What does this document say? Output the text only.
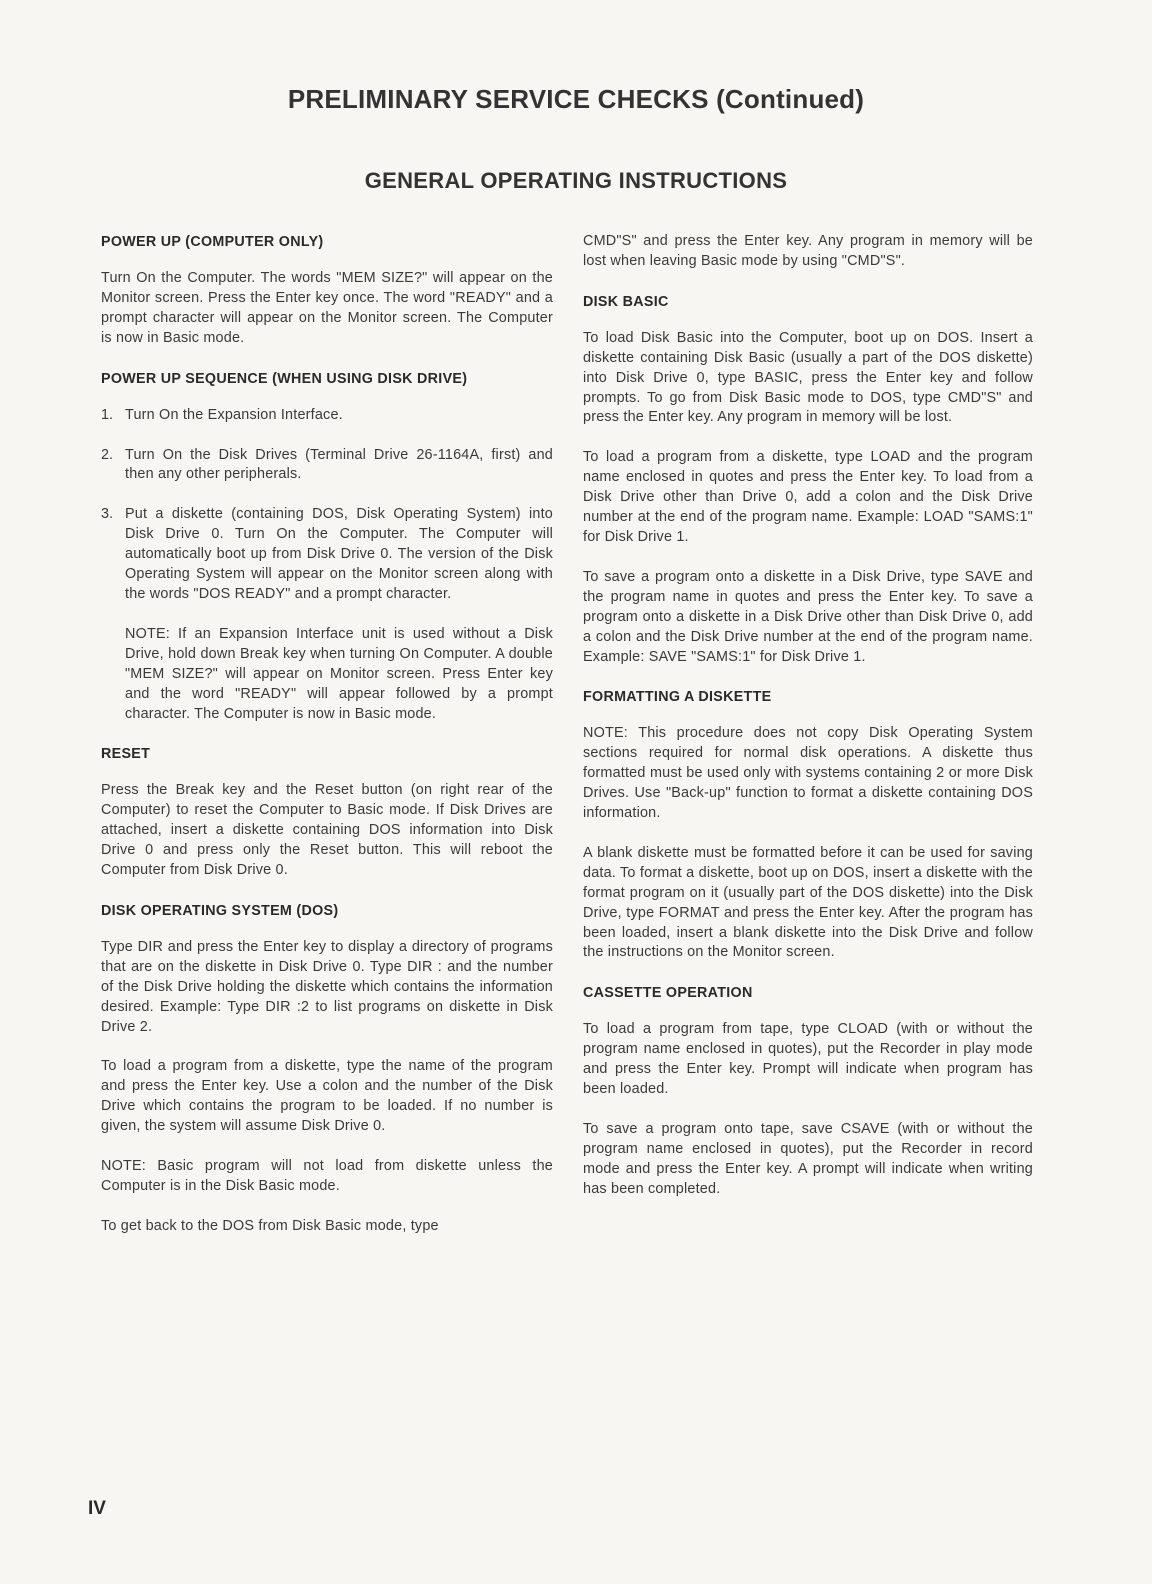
PRELIMINARY SERVICE CHECKS (Continued)
GENERAL OPERATING INSTRUCTIONS
POWER UP (COMPUTER ONLY)

Turn On the Computer. The words "MEM SIZE?" will appear on the Monitor screen. Press the Enter key once. The word "READY" and a prompt character will appear on the Monitor screen. The Computer is now in Basic mode.

POWER UP SEQUENCE (WHEN USING DISK DRIVE)
1. Turn On the Expansion Interface.

2. Turn On the Disk Drives (Terminal Drive 26-1164A, first) and then any other peripherals.

3. Put a diskette (containing DOS, Disk Operating System) into Disk Drive 0. Turn On the Computer. The Computer will automatically boot up from Disk Drive 0. The version of the Disk Operating System will appear on the Monitor screen along with the words "DOS READY" and a prompt character.

NOTE: If an Expansion Interface unit is used without a Disk Drive, hold down Break key when turning On Computer. A double "MEM SIZE?" will appear on Monitor screen. Press Enter key and the word "READY" will appear followed by a prompt character. The Computer is now in Basic mode.

RESET

Press the Break key and the Reset button (on right rear of the Computer) to reset the Computer to Basic mode. If Disk Drives are attached, insert a diskette containing DOS information into Disk Drive 0 and press only the Reset button. This will reboot the Computer from Disk Drive 0.

DISK OPERATING SYSTEM (DOS)

Type DIR and press the Enter key to display a directory of programs that are on the diskette in Disk Drive 0. Type DIR : and the number of the Disk Drive holding the diskette which contains the information desired. Example: Type DIR :2 to list programs on diskette in Disk Drive 2.

To load a program from a diskette, type the name of the program and press the Enter key. Use a colon and the number of the Disk Drive which contains the program to be loaded. If no number is given, the system will assume Disk Drive 0.

NOTE: Basic program will not load from diskette unless the Computer is in the Disk Basic mode.

To get back to the DOS from Disk Basic mode, type

CMD"S" and press the Enter key. Any program in memory will be lost when leaving Basic mode by using "CMD"S".

DISK BASIC

To load Disk Basic into the Computer, boot up on DOS. Insert a diskette containing Disk Basic (usually a part of the DOS diskette) into Disk Drive 0, type BASIC, press the Enter key and follow prompts. To go from Disk Basic mode to DOS, type CMD"S" and press the Enter key. Any program in memory will be lost.

To load a program from a diskette, type LOAD and the program name enclosed in quotes and press the Enter key. To load from a Disk Drive other than Drive 0, add a colon and the Disk Drive number at the end of the program name. Example: LOAD "SAMS:1" for Disk Drive 1.

To save a program onto a diskette in a Disk Drive, type SAVE and the program name in quotes and press the Enter key. To save a program onto a diskette in a Disk Drive other than Disk Drive 0, add a colon and the Disk Drive number at the end of the program name. Example: SAVE "SAMS:1" for Disk Drive 1.

FORMATTING A DISKETTE

NOTE: This procedure does not copy Disk Operating System sections required for normal disk operations. A diskette thus formatted must be used only with systems containing 2 or more Disk Drives. Use "Back-up" function to format a diskette containing DOS information.

A blank diskette must be formatted before it can be used for saving data. To format a diskette, boot up on DOS, insert a diskette with the format program on it (usually part of the DOS diskette) into the Disk Drive, type FORMAT and press the Enter key. After the program has been loaded, insert a blank diskette into the Disk Drive and follow the instructions on the Monitor screen.

CASSETTE OPERATION

To load a program from tape, type CLOAD (with or without the program name enclosed in quotes), put the Recorder in play mode and press the Enter key. Prompt will indicate when program has been loaded.

To save a program onto tape, save CSAVE (with or without the program name enclosed in quotes), put the Recorder in record mode and press the Enter key. A prompt will indicate when writing has been completed.

IV
